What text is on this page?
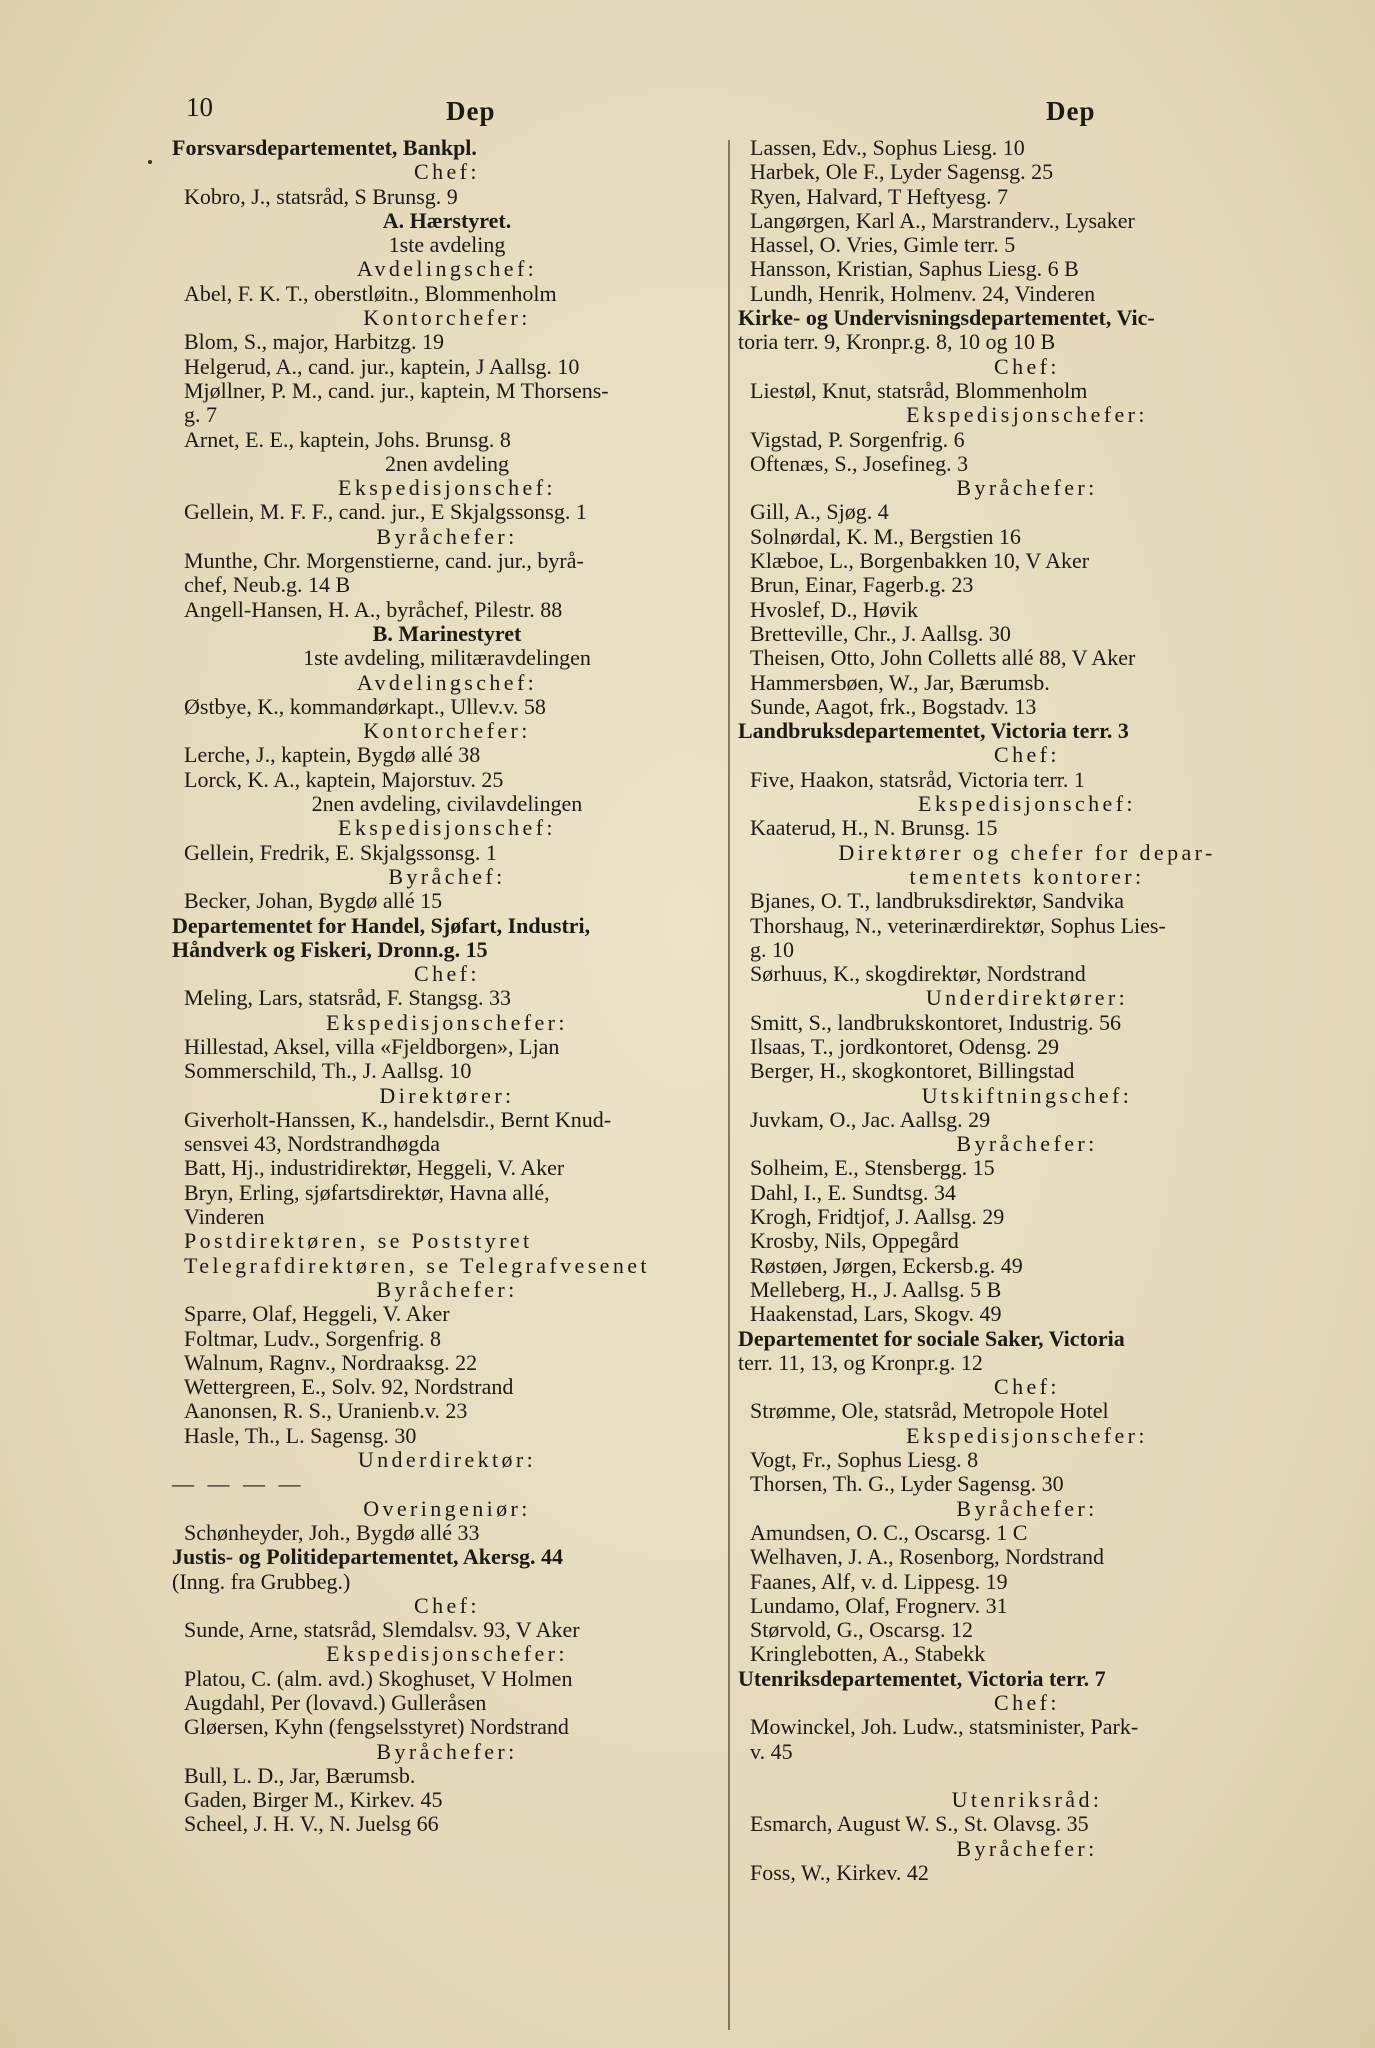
10	Dep	Dep
Forsvarsdepartementet, Bankpl.
Chef:
Kobro, J., statsråd, S Brunsg. 9
A. Hærstyret.
1ste avdeling
Avdelingschef:
Abel, F. K. T., oberstløitn., Blommenholm
Kontorchefer:
Blom, S., major, Harbitzg. 19
Helgerud, A., cand. jur., kaptein, J Aallsg. 10
Mjøllner, P. M., cand. jur., kaptein, M Thorsens-
g. 7
Arnet, E. E., kaptein, Johs. Brunsg. 8
2nen avdeling
Ekspedisjonschef:
Gellein, M. F. F., cand. jur., E Skjalgssonsg. 1
Byråchefer:
Munthe, Chr. Morgenstierne, cand. jur., byrå-
chef, Neub.g. 14 B
Angell-Hansen, H. A., byråchef, Pilestr. 88
B. Marinestyret
1ste avdeling, militæravdelingen
Avdelingschef:
Østbye, K., kommandørkapt., Ullev.v. 58
Kontorchefer:
Lerche, J., kaptein, Bygdø allé 38
Lorck, K. A., kaptein, Majorstuv. 25
2nen avdeling, civilavdelingen
Ekspedisjonschef:
Gellein, Fredrik, E. Skjalgssonsg. 1
Byråchef:
Becker, Johan, Bygdø allé 15
Departementet for Handel, Sjøfart, Industri,
Håndverk og Fiskeri, Dronn.g. 15
Chef:
Meling, Lars, statsråd, F. Stangsg. 33
Ekspedisjonschefer:
Hillestad, Aksel, villa «Fjeldborgen», Ljan
Sommerschild, Th., J. Aallsg. 10
Direktører:
Giverholt-Hanssen, K., handelsdir., Bernt Knud-
sensvei 43, Nordstrandhøgda
Batt, Hj., industridirektør, Heggeli, V. Aker
Bryn, Erling, sjøfartsdirektør, Havna allé,
Vinderen
Postdirektøren, se Poststyret
Telegrafdirektøren, se Telegrafvesenet
Byråchefer:
Sparre, Olaf, Heggeli, V. Aker
Foltmar, Ludv., Sorgenfrig. 8
Walnum, Ragnv., Nordraaksg. 22
Wettergreen, E., Solv. 92, Nordstrand
Aanonsen, R. S., Uranienb.v. 23
Hasle, Th., L. Sagensg. 30
Underdirektør:
— — — —
Overingeniør:
Schønheyder, Joh., Bygdø allé 33
Justis- og Politidepartementet, Akersg. 44
(Inng. fra Grubbeg.)
Chef:
Sunde, Arne, statsråd, Slemdalsv. 93, V Aker
Ekspedisjonschefer:
Platou, C. (alm. avd.) Skoghuset, V Holmen
Augdahl, Per (lovavd.) Gulleråsen
Gløersen, Kyhn (fengselsstyret) Nordstrand
Byråchefer:
Bull, L. D., Jar, Bærumsb.
Gaden, Birger M., Kirkev. 45
Scheel, J. H. V., N. Juelsg 66
Lassen, Edv., Sophus Liesg. 10
Harbek, Ole F., Lyder Sagensg. 25
Ryen, Halvard, T Heftyesg. 7
Langørgen, Karl A., Marstranderv., Lysaker
Hassel, O. Vries, Gimle terr. 5
Hansson, Kristian, Saphus Liesg. 6 B
Lundh, Henrik, Holmenv. 24, Vinderen
Kirke- og Undervisningsdepartementet, Vic-
toria terr. 9, Kronpr.g. 8, 10 og 10 B
Chef:
Liestøl, Knut, statsråd, Blommenholm
Ekspedisjonschefer:
Vigstad, P. Sorgenfrig. 6
Oftenæs, S., Josefineg. 3
Byråchefer:
Gill, A., Sjøg. 4
Solnørdal, K. M., Bergstien 16
Klæboe, L., Borgenbakken 10, V Aker
Brun, Einar, Fagerb.g. 23
Hvoslef, D., Høvik
Bretteville, Chr., J. Aallsg. 30
Theisen, Otto, John Colletts allé 88, V Aker
Hammersbøen, W., Jar, Bærumsb.
Sunde, Aagot, frk., Bogstadv. 13
Landbruksdepartementet, Victoria terr. 3
Chef:
Five, Haakon, statsråd, Victoria terr. 1
Ekspedisjonschef:
Kaaterud, H., N. Brunsg. 15
Direktører og chefer for depar-
tementets kontorer:
Bjanes, O. T., landbruksdirektør, Sandvika
Thorshaug, N., veterinærdirektør, Sophus Lies-
g. 10
Sørhuus, K., skogdirektør, Nordstrand
Underdirektører:
Smitt, S., landbrukskontoret, Industrig. 56
Ilsaas, T., jordkontoret, Odensg. 29
Berger, H., skogkontoret, Billingstad
Utskiftningschef:
Juvkam, O., Jac. Aallsg. 29
Byråchefer:
Solheim, E., Stensbergg. 15
Dahl, I., E. Sundtsg. 34
Krogh, Fridtjof, J. Aallsg. 29
Krosby, Nils, Oppegård
Røstøen, Jørgen, Eckersb.g. 49
Melleberg, H., J. Aallsg. 5 B
Haakenstad, Lars, Skogv. 49
Departementet for sociale Saker, Victoria
terr. 11, 13, og Kronpr.g. 12
Chef:
Strømme, Ole, statsråd, Metropole Hotel
Ekspedisjonschefer:
Vogt, Fr., Sophus Liesg. 8
Thorsen, Th. G., Lyder Sagensg. 30
Byråchefer:
Amundsen, O. C., Oscarsg. 1 C
Welhaven, J. A., Rosenborg, Nordstrand
Faanes, Alf, v. d. Lippesg. 19
Lundamo, Olaf, Frognerv. 31
Størvold, G., Oscarsg. 12
Kringlebotten, A., Stabekk
Utenriksdepartementet, Victoria terr. 7
Chef:
Mowinckel, Joh. Ludw., statsminister, Park-
v. 45
Utenriksråd:
Esmarch, August W. S., St. Olavsg. 35
Byråchefer:
Foss, W., Kirkev. 42
